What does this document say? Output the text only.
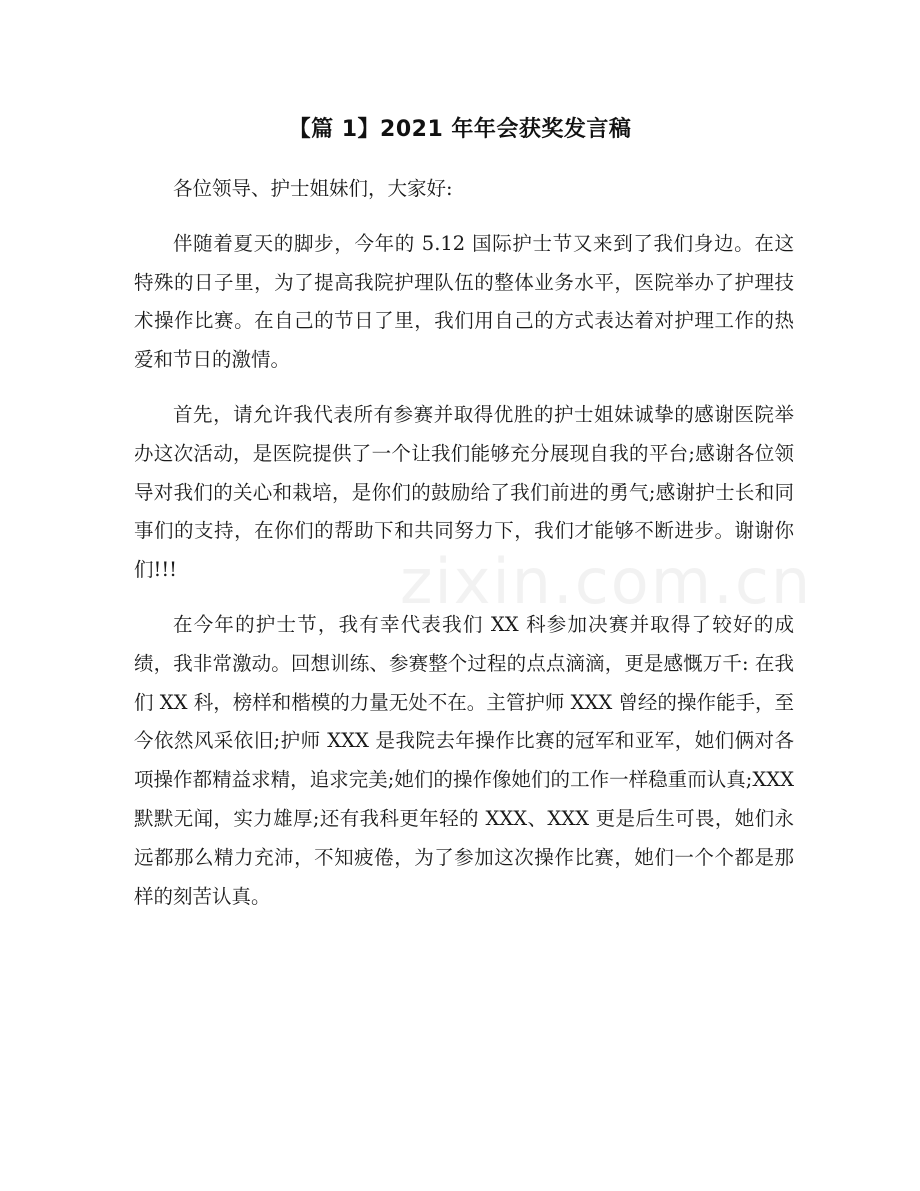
【篇 1】2021 年年会获奖发言稿

各位领导、护士姐妹们，大家好:

伴随着夏天的脚步，今年的 5.12 国际护士节又来到了我们身边。在这特殊的日子里，为了提高我院护理队伍的整体业务水平，医院举办了护理技术操作比赛。在自己的节日了里，我们用自己的方式表达着对护理工作的热爱和节日的激情。

首先，请允许我代表所有参赛并取得优胜的护士姐妹诚挚的感谢医院举办这次活动，是医院提供了一个让我们能够充分展现自我的平台;感谢各位领导对我们的关心和栽培，是你们的鼓励给了我们前进的勇气;感谢护士长和同事们的支持，在你们的帮助下和共同努力下，我们才能够不断进步。谢谢你们!!!

在今年的护士节，我有幸代表我们 XX 科参加决赛并取得了较好的成绩，我非常激动。回想训练、参赛整个过程的点点滴滴，更是感慨万千: 在我们 XX 科，榜样和楷模的力量无处不在。主管护师 XXX 曾经的操作能手，至今依然风采依旧;护师 XXX 是我院去年操作比赛的冠军和亚军，她们俩对各项操作都精益求精，追求完美;她们的操作像她们的工作一样稳重而认真;XXX 默默无闻，实力雄厚;还有我科更年轻的 XXX、XXX 更是后生可畏，她们永远都那么精力充沛，不知疲倦，为了参加这次操作比赛，她们一个个都是那样的刻苦认真。

zixin.com.cn
